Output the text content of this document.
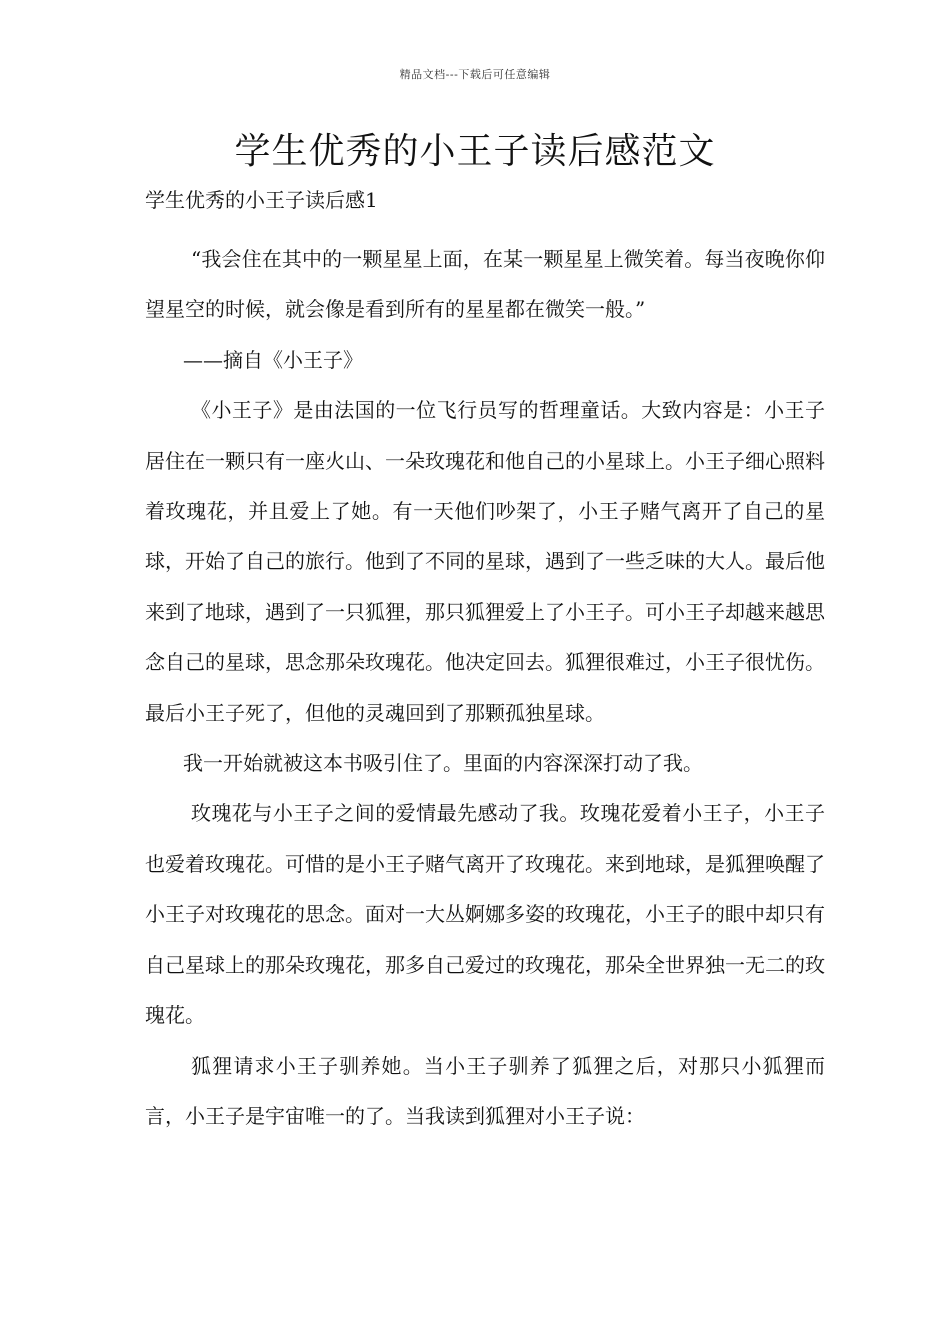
精品文档---下载后可任意编辑
学生优秀的小王子读后感范文

学生优秀的小王子读后感1

“我会住在其中的一颗星星上面，在某一颗星星上微笑着。每当夜晚你仰望星空的时候，就会像是看到所有的星星都在微笑一般。”

——摘自《小王子》

《小王子》是由法国的一位飞行员写的哲理童话。大致内容是：小王子居住在一颗只有一座火山、一朵玫瑰花和他自己的小星球上。小王子细心照料着玫瑰花，并且爱上了她。有一天他们吵架了，小王子赌气离开了自己的星球，开始了自己的旅行。他到了不同的星球，遇到了一些乏味的大人。最后他来到了地球，遇到了一只狐狸，那只狐狸爱上了小王子。可小王子却越来越思念自己的星球，思念那朵玫瑰花。他决定回去。狐狸很难过，小王子很忧伤。最后小王子死了，但他的灵魂回到了那颗孤独星球。

我一开始就被这本书吸引住了。里面的内容深深打动了我。

玫瑰花与小王子之间的爱情最先感动了我。玫瑰花爱着小王子，小王子也爱着玫瑰花。可惜的是小王子赌气离开了玫瑰花。来到地球，是狐狸唤醒了小王子对玫瑰花的思念。面对一大丛婀娜多姿的玫瑰花，小王子的眼中却只有自己星球上的那朵玫瑰花，那多自己爱过的玫瑰花，那朵全世界独一无二的玫瑰花。

狐狸请求小王子驯养她。当小王子驯养了狐狸之后，对那只小狐狸而言，小王子是宇宙唯一的了。当我读到狐狸对小王子说：
